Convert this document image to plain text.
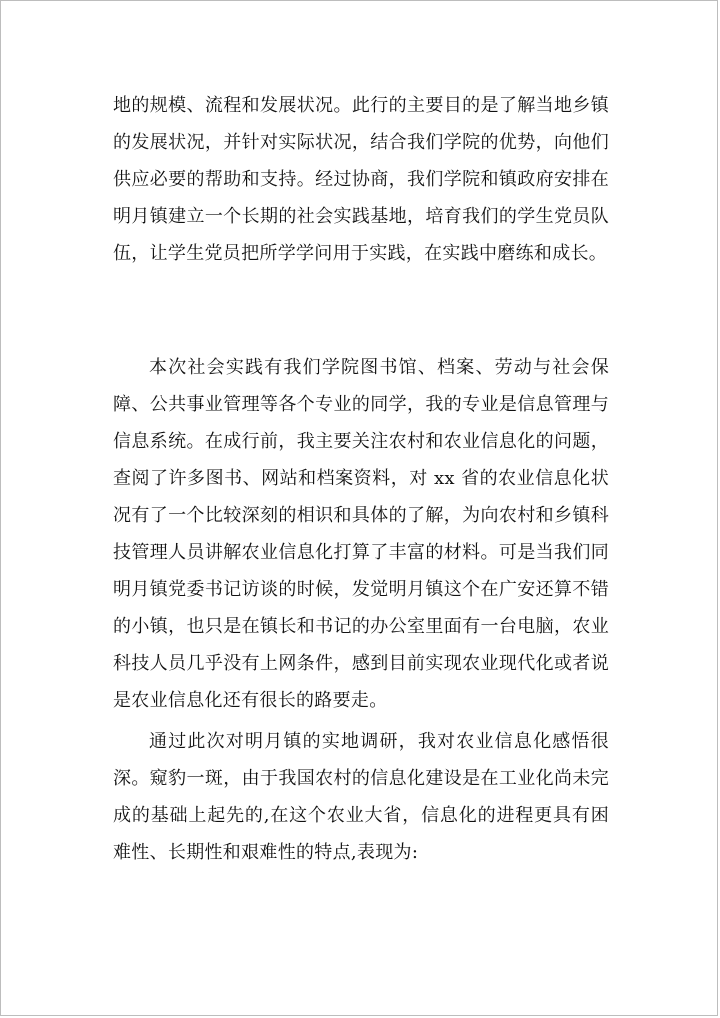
地的规模、流程和发展状况。此行的主要目的是了解当地乡镇的发展状况，并针对实际状况，结合我们学院的优势，向他们供应必要的帮助和支持。经过协商，我们学院和镇政府安排在明月镇建立一个长期的社会实践基地，培育我们的学生党员队伍，让学生党员把所学学问用于实践，在实践中磨练和成长。

本次社会实践有我们学院图书馆、档案、劳动与社会保障、公共事业管理等各个专业的同学，我的专业是信息管理与信息系统。在成行前，我主要关注农村和农业信息化的问题，查阅了许多图书、网站和档案资料，对 xx 省的农业信息化状况有了一个比较深刻的相识和具体的了解，为向农村和乡镇科技管理人员讲解农业信息化打算了丰富的材料。可是当我们同明月镇党委书记访谈的时候，发觉明月镇这个在广安还算不错的小镇，也只是在镇长和书记的办公室里面有一台电脑，农业科技人员几乎没有上网条件，感到目前实现农业现代化或者说是农业信息化还有很长的路要走。

通过此次对明月镇的实地调研，我对农业信息化感悟很深。窥豹一斑，由于我国农村的信息化建设是在工业化尚未完成的基础上起先的,在这个农业大省，信息化的进程更具有困难性、长期性和艰难性的特点,表现为:
